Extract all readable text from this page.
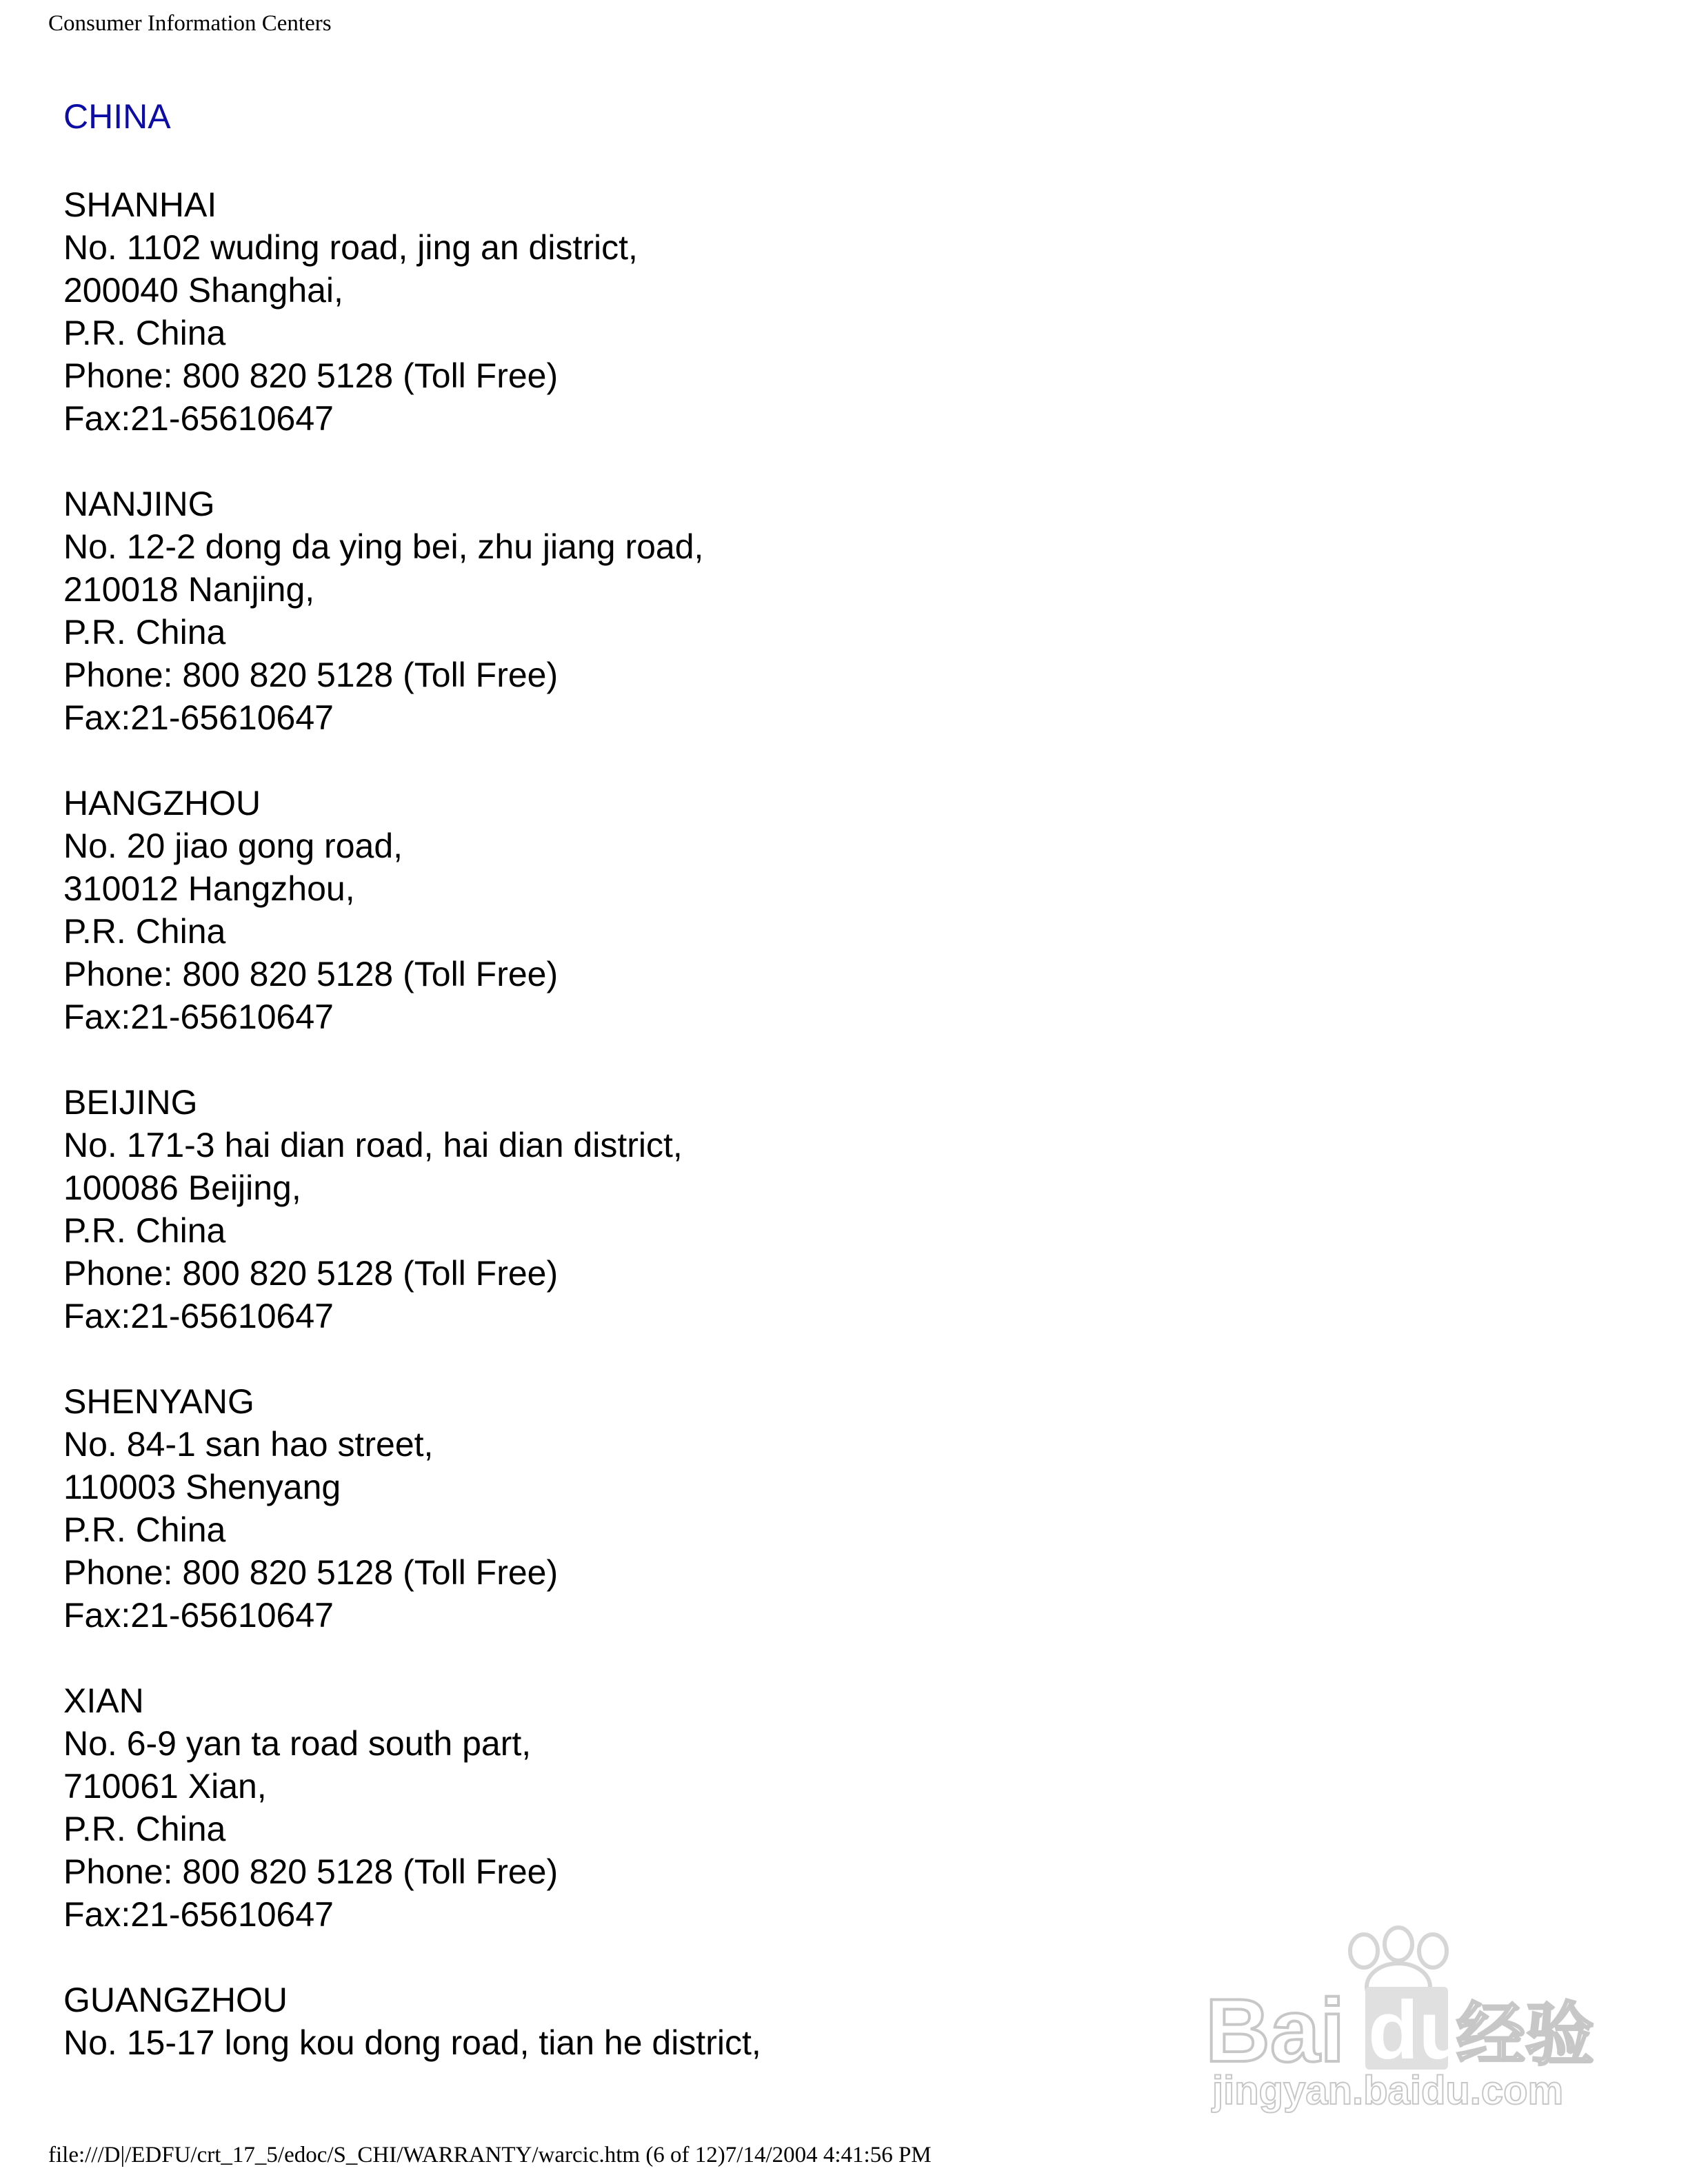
Consumer Information Centers
CHINA
SHANHAI
No. 1102 wuding road, jing an district,
200040 Shanghai,
P.R. China
Phone: 800 820 5128 (Toll Free)
Fax:21-65610647
NANJING
No. 12-2 dong da ying bei, zhu jiang road,
210018 Nanjing,
P.R. China
Phone: 800 820 5128 (Toll Free)
Fax:21-65610647
HANGZHOU
No. 20 jiao gong road,
310012 Hangzhou,
P.R. China
Phone: 800 820 5128 (Toll Free)
Fax:21-65610647
BEIJING
No. 171-3 hai dian road, hai dian district,
100086 Beijing,
P.R. China
Phone: 800 820 5128 (Toll Free)
Fax:21-65610647
SHENYANG
No. 84-1 san hao street,
110003 Shenyang
P.R. China
Phone: 800 820 5128 (Toll Free)
Fax:21-65610647
XIAN
No. 6-9 yan ta road south part,
710061 Xian,
P.R. China
Phone: 800 820 5128 (Toll Free)
Fax:21-65610647
GUANGZHOU
No. 15-17 long kou dong road, tian he district,	Bai du
经验
jingyan.baidu.com
file:///D|/EDFU/crt_17_5/edoc/S_CHI/WARRANTY/warcic.htm (6 of 12)7/14/2004 4:41:56 PM
